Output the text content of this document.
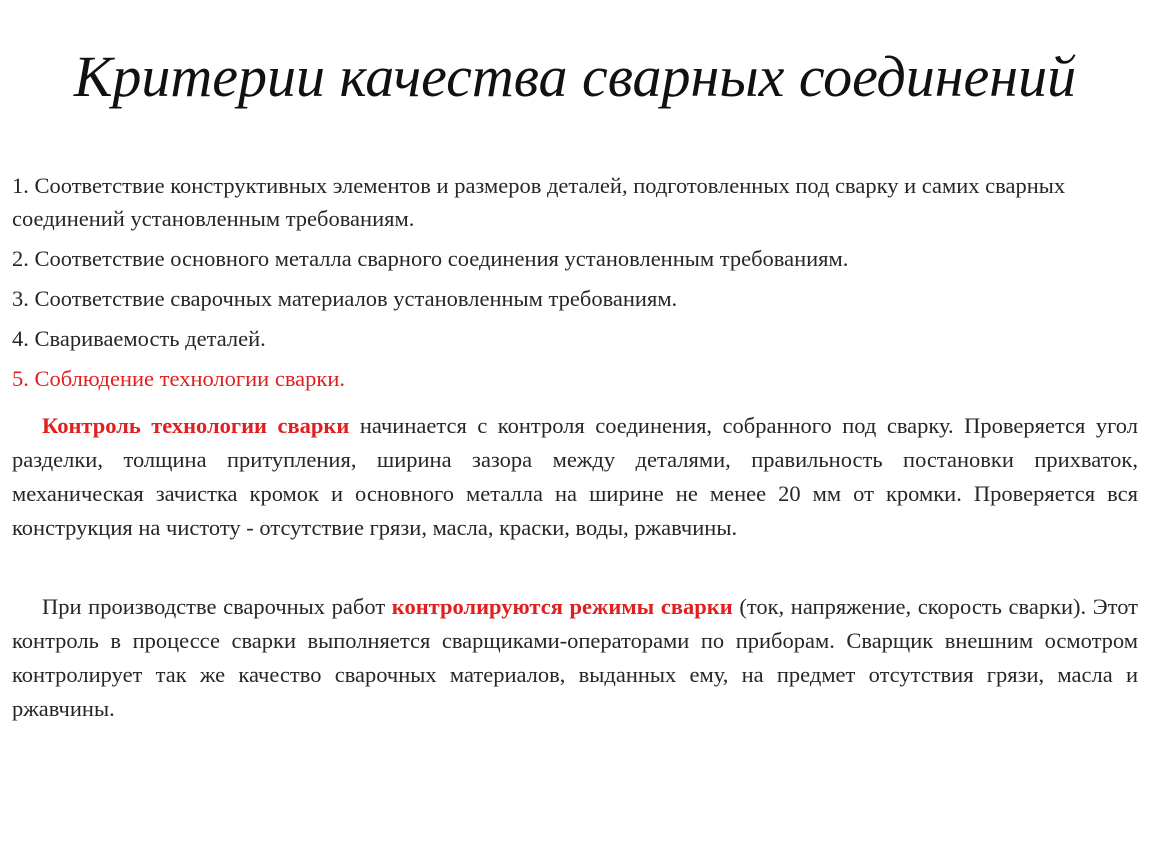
Критерии качества сварных соединений
1. Соответствие конструктивных элементов и размеров деталей, подготовленных под сварку и самих сварных соединений установленным требованиям.
2. Соответствие основного металла сварного соединения установленным требованиям.
3. Соответствие сварочных материалов установленным требованиям.
4. Свариваемость деталей.
5. Соблюдение технологии сварки.
Контроль технологии сварки начинается с контроля соединения, собранного под сварку. Проверяется угол разделки, толщина притупления, ширина зазора между деталями, правильность постановки прихваток, механическая зачистка кромок и основного металла на ширине не менее 20 мм от кромки. Проверяется вся конструкция на чистоту - отсутствие грязи, масла, краски, воды, ржавчины.
При производстве сварочных работ контролируются режимы сварки (ток, напряжение, скорость сварки). Этот контроль в процессе сварки выполняется сварщиками-операторами по приборам. Сварщик внешним осмотром контролирует так же качество сварочных материалов, выданных ему, на предмет отсутствия грязи, масла и ржавчины.
